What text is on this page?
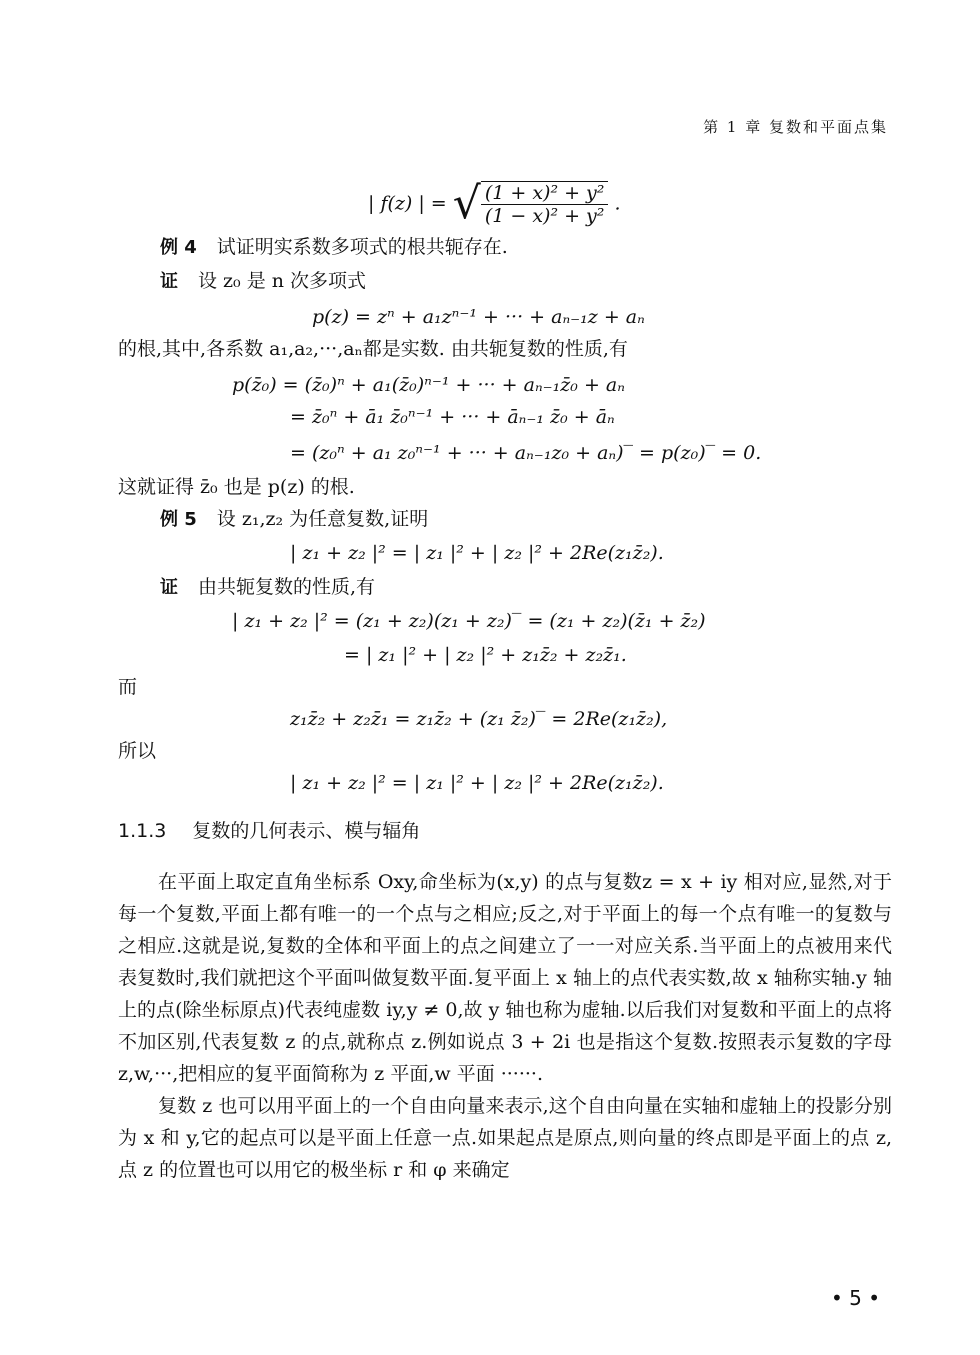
第 1 章 复数和平面点集
| f(z) | = √ $\frac{\text{(1 + x)² + y²}}{\text{(1 − x)² + y²}}$ .
例 4 试证明实系数多项式的根共轭存在.
证 设 z₀ 是 n 次多项式
p(z) = zⁿ + a₁zⁿ⁻¹ + ··· + aₙ₋₁z + aₙ
的根,其中,各系数 a₁,a₂,···,aₙ都是实数. 由共轭复数的性质,有
p(z̄₀) = (z̄₀)ⁿ + a₁(z̄₀)ⁿ⁻¹ + ··· + aₙ₋₁z̄₀ + aₙ
= z̄₀ⁿ + ā₁ z̄₀ⁿ⁻¹ + ··· + āₙ₋₁ z̄₀ + āₙ
= (z₀ⁿ + a₁ z₀ⁿ⁻¹ + ··· + aₙ₋₁z₀ + aₙ)‾ = p(z₀)‾ = 0.
这就证得 z̄₀ 也是 p(z) 的根.
例 5 设 z₁,z₂ 为任意复数,证明
| z₁ + z₂ |² = | z₁ |² + | z₂ |² + 2Re(z₁z̄₂).
证 由共轭复数的性质,有
| z₁ + z₂ |² = (z₁ + z₂)(z₁ + z₂)‾ = (z₁ + z₂)(z̄₁ + z̄₂)
= | z₁ |² + | z₂ |² + z₁z̄₂ + z₂z̄₁.
而
z₁z̄₂ + z₂z̄₁ = z₁z̄₂ + (z₁ z̄₂)‾ = 2Re(z₁z̄₂),
所以
| z₁ + z₂ |² = | z₁ |² + | z₂ |² + 2Re(z₁z̄₂).
1.1.3 复数的几何表示、模与辐角

在平面上取定直角坐标系 Oxy,命坐标为(x,y) 的点与复数z = x + iy 相对应,显然,对于每一个复数,平面上都有唯一的一个点与之相应;反之,对于平面上的每一个点有唯一的复数与之相应.这就是说,复数的全体和平面上的点之间建立了一一对应关系.当平面上的点被用来代表复数时,我们就把这个平面叫做复数平面.复平面上 x 轴上的点代表实数,故 x 轴称实轴.y 轴上的点(除坐标原点)代表纯虚数 iy,y ≠ 0,故 y 轴也称为虚轴.以后我们对复数和平面上的点将不加区别,代表复数 z 的点,就称点 z.例如说点 3 + 2i 也是指这个复数.按照表示复数的字母z,w,···,把相应的复平面简称为 z 平面,w 平面 ······.

复数 z 也可以用平面上的一个自由向量来表示,这个自由向量在实轴和虚轴上的投影分别为 x 和 y,它的起点可以是平面上任意一点.如果起点是原点,则向量的终点即是平面上的点 z,点 z 的位置也可以用它的极坐标 r 和 φ 来确定

• 5 •
